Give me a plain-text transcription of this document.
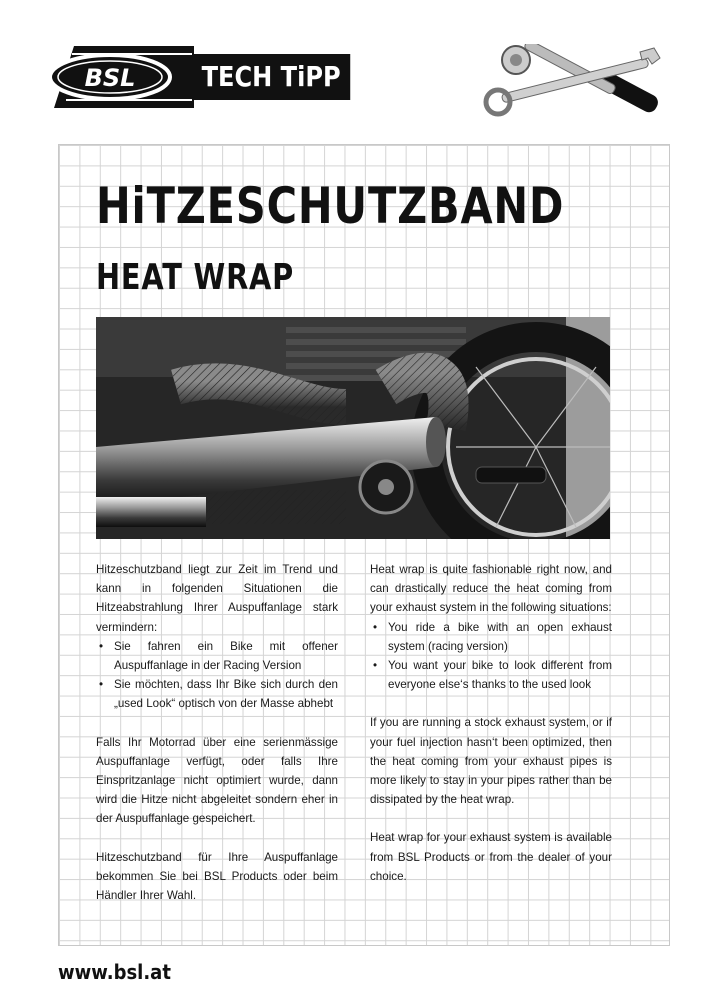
BSL	TECH TiPP
HiTZESCHUTZBAND
HEAT WRAP

Hitzeschutzband liegt zur Zeit im Trend und kann in folgenden Situationen die Hitzeabstrahlung Ihrer Auspuffanlage stark vermindern:

• Sie fahren ein Bike mit offener Auspuffanlage in der Racing Version
• Sie möchten, dass Ihr Bike sich durch den „used Look“ optisch von der Masse abhebt

Falls Ihr Motorrad über eine serienmässige Auspuffanlage verfügt, oder falls Ihre Einspritzanlage nicht optimiert wurde, dann wird die Hitze nicht abgeleitet sondern eher in der Auspuffanlage gespeichert.

Hitzeschutzband für Ihre Auspuffanlage bekommen Sie bei BSL Products oder beim Händler Ihrer Wahl.

Heat wrap is quite fashionable right now, and can drastically reduce the heat coming from your exhaust system in the following situations:

• You ride a bike with an open exhaust system (racing version)
• You want your bike to look different from everyone else‘s thanks to the used look

If you are running a stock exhaust system, or if your fuel injection hasn‘t been optimized, then the heat coming from your exhaust pipes is more likely to stay in your pipes rather than be dissipated by the heat wrap.

Heat wrap for your exhaust system is available from BSL Products or from the dealer of your choice.

www.bsl.at
